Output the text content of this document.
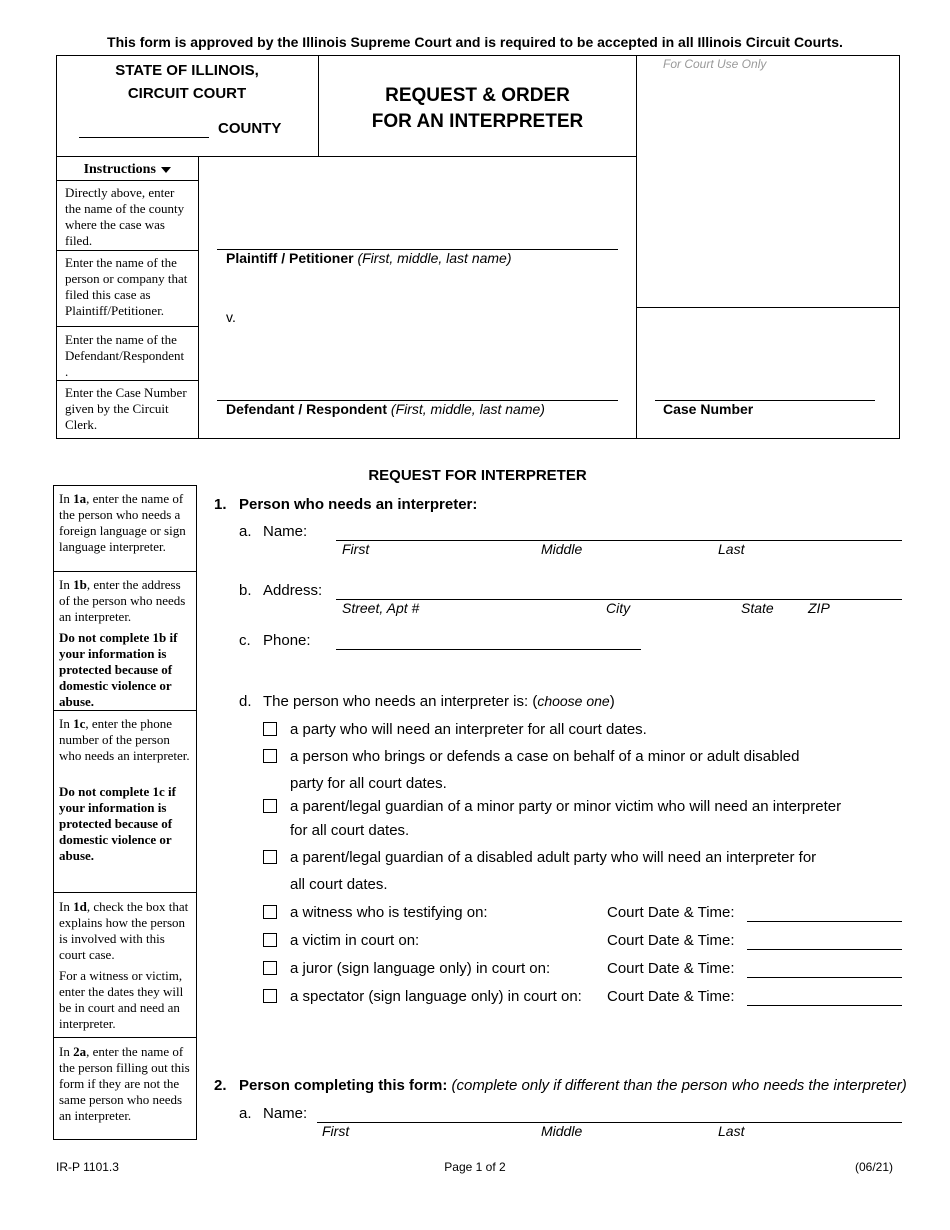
This form is approved by the Illinois Supreme Court and is required to be accepted in all Illinois Circuit Courts.
STATE OF ILLINOIS,
CIRCUIT COURT
COUNTY
REQUEST & ORDER
FOR AN INTERPRETER
For Court Use Only
Instructions
Directly above, enter the name of the county where the case was filed.
Enter the name of the person or company that filed this case as Plaintiff/Petitioner.
Enter the name of the Defendant/Respondent
.
Enter the Case Number given by the Circuit Clerk.
Plaintiff / Petitioner (First, middle, last name)
v.
Defendant / Respondent (First, middle, last name)	Case Number
REQUEST FOR INTERPRETER
In 1a, enter the name of the person who needs a foreign language or sign language interpreter.
In 1b, enter the address of the person who needs an interpreter.
Do not complete 1b if your information is protected because of domestic violence or abuse.
In 1c, enter the phone number of the person who needs an interpreter.
Do not complete 1c if your information is protected because of domestic violence or abuse.
In 1d, check the box that explains how the person is involved with this court case.
For a witness or victim, enter the dates they will be in court and need an interpreter.
In 2a, enter the name of the person filling out this form if they are not the same person who needs an interpreter.
1. Person who needs an interpreter:
a. Name:
First	Middle	Last
b. Address:
Street, Apt #	City	State ZIP
c. Phone:
d. The person who needs an interpreter is: (choose one)
a party who will need an interpreter for all court dates.
a person who brings or defends a case on behalf of a minor or adult disabled
party for all court dates.
a parent/legal guardian of a minor party or minor victim who will need an interpreter
for all court dates.
a parent/legal guardian of a disabled adult party who will need an interpreter for
all court dates.
a witness who is testifying on:	Court Date & Time:
a victim in court on:	Court Date & Time:
a juror (sign language only) in court on:	Court Date & Time:
a spectator (sign language only) in court on: Court Date & Time:
2. Person completing this form: (complete only if different than the person who needs the interpreter)
a. Name:
First	Middle	Last
IR-P 1101.3	Page 1 of 2	(06/21)
